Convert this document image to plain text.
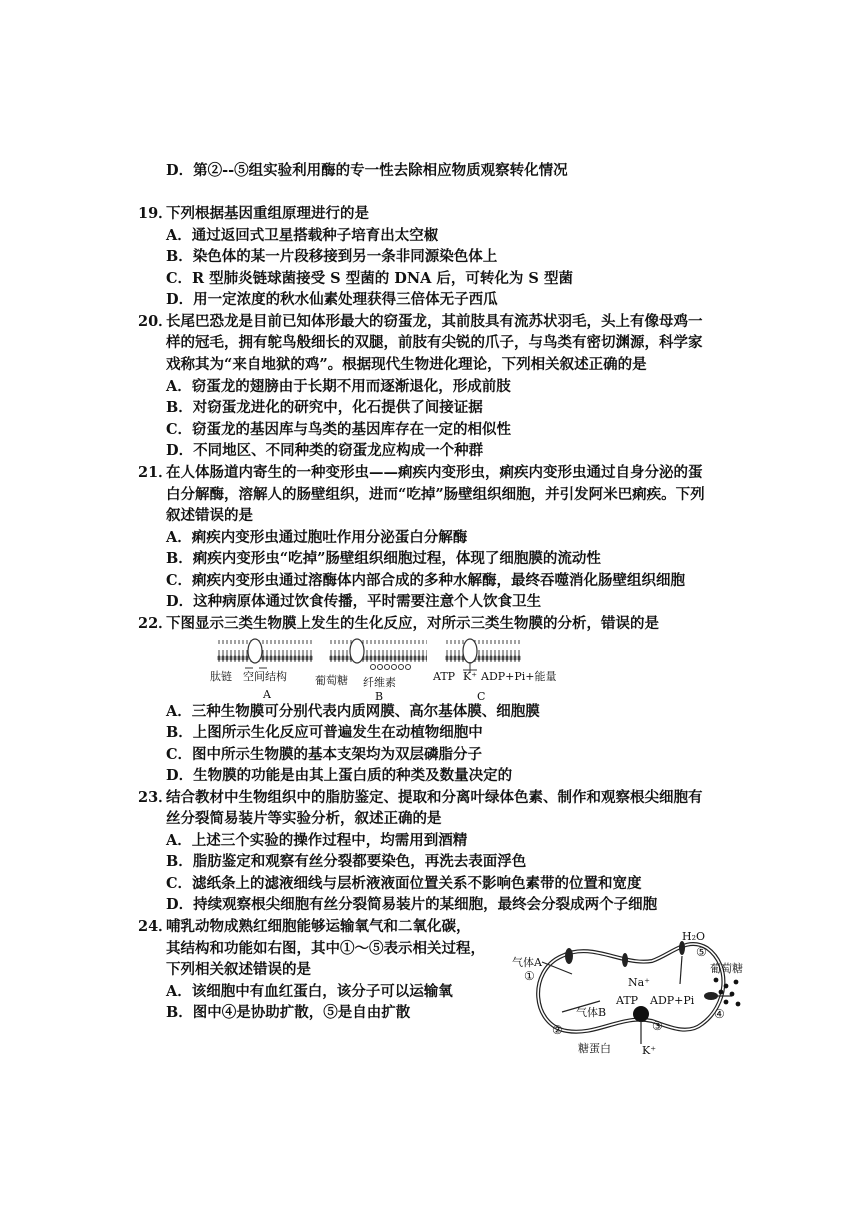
D．第②--⑤组实验利用酶的专一性去除相应物质观察转化情况
19．
下列根据基因重组原理进行的是
A．通过返回式卫星搭载种子培育出太空椒
B．染色体的某一片段移接到另一条非同源染色体上
C．R 型肺炎链球菌接受 S 型菌的 DNA 后，可转化为 S 型菌
D．用一定浓度的秋水仙素处理获得三倍体无子西瓜
20．
长尾巴恐龙是目前已知体形最大的窃蛋龙，其前肢具有流苏状羽毛，头上有像母鸡一
样的冠毛，拥有鸵鸟般细长的双腿，前肢有尖锐的爪子，与鸟类有密切渊源，科学家
戏称其为“来自地狱的鸡”。根据现代生物进化理论，下列相关叙述正确的是
A．窃蛋龙的翅膀由于长期不用而逐渐退化，形成前肢
B．对窃蛋龙进化的研究中，化石提供了间接证据
C．窃蛋龙的基因库与鸟类的基因库存在一定的相似性
D．不同地区、不同种类的窃蛋龙应构成一个种群
21．
在人体肠道内寄生的一种变形虫——痢疾内变形虫，痢疾内变形虫通过自身分泌的蛋
白分解酶，溶解人的肠壁组织，进而“吃掉”肠壁组织细胞，并引发阿米巴痢疾。下列
叙述错误的是
A．痢疾内变形虫通过胞吐作用分泌蛋白分解酶
B．痢疾内变形虫“吃掉”肠壁组织细胞过程，体现了细胞膜的流动性
C．痢疾内变形虫通过溶酶体内部合成的多种水解酶，最终吞噬消化肠壁组织细胞
D．这种病原体通过饮食传播，平时需要注意个人饮食卫生
22．
下图显示三类生物膜上发生的生化反应，对所示三类生物膜的分析，错误的是
肽链 空间结构
A
葡萄糖 纤维素
B
ATP K⁺ ADP+Pi+能量
C
A．三种生物膜可分别代表内质网膜、高尔基体膜、细胞膜
B．上图所示生化反应可普遍发生在动植物细胞中
C．图中所示生物膜的基本支架均为双层磷脂分子
D．生物膜的功能是由其上蛋白质的种类及数量决定的
23．
结合教材中生物组织中的脂肪鉴定、提取和分离叶绿体色素、制作和观察根尖细胞有
丝分裂简易装片等实验分析，叙述正确的是
A．上述三个实验的操作过程中，均需用到酒精
B．脂肪鉴定和观察有丝分裂都要染色，再洗去表面浮色
C．滤纸条上的滤液细线与层析液液面位置关系不影响色素带的位置和宽度
D．持续观察根尖细胞有丝分裂简易装片的某细胞，最终会分裂成两个子细胞
24．
哺乳动物成熟红细胞能够运输氧气和二氧化碳，
其结构和功能如右图，其中①～⑤表示相关过程，
下列相关叙述错误的是
A．该细胞中有血红蛋白，该分子可以运输氧
B．图中④是协助扩散，⑤是自由扩散
气体A
①
气体B
②
H₂O
⑤
葡萄糖
④
Na⁺
ATP ADP+Pi
③
K⁺
糖蛋白
